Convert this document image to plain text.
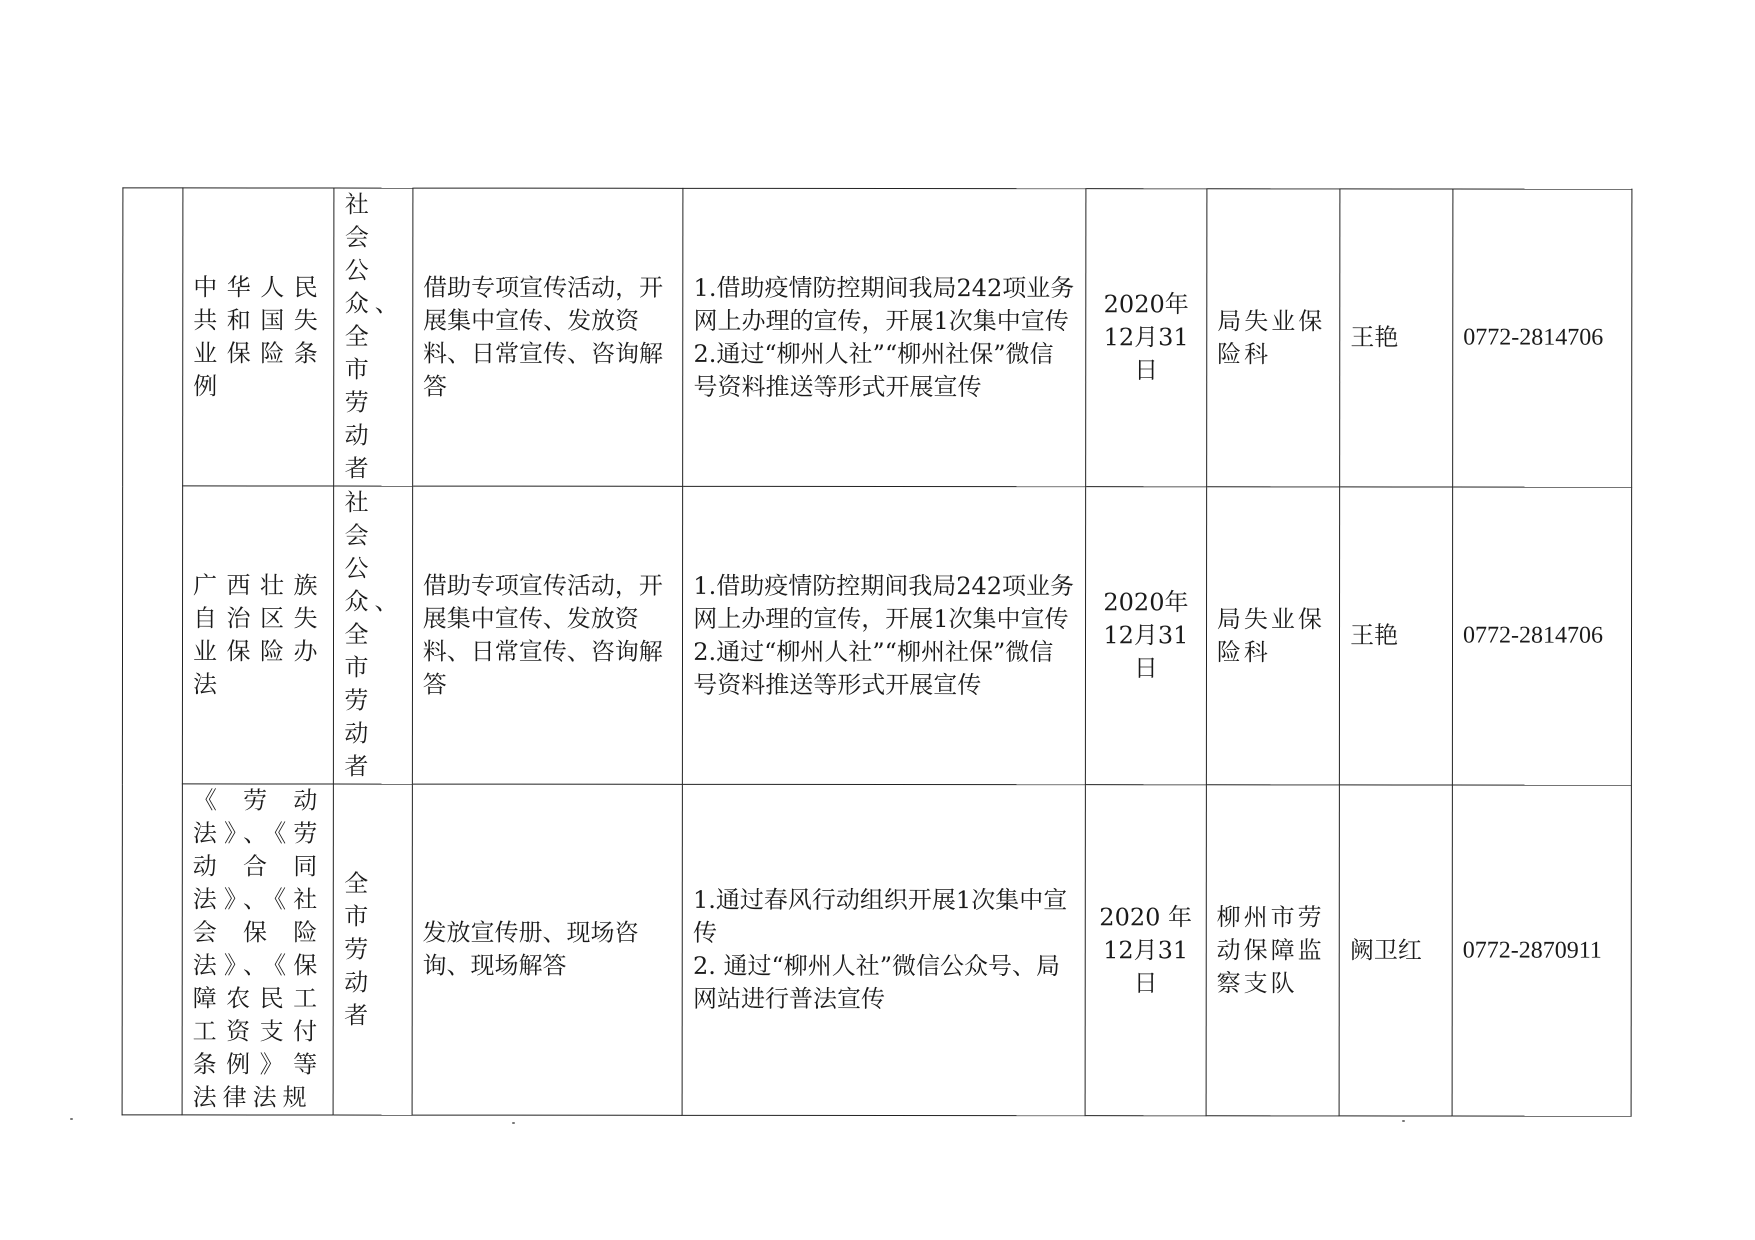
	中华人民共和国失业保险条例	社会公众、全市劳动者	借助专项宣传活动，开展集中宣传、发放资料、日常宣传、咨询解答	1.借助疫情防控期间我局242项业务网上办理的宣传，开展1次集中宣传
2.通过“柳州人社”“柳州社保”微信号资料推送等形式开展宣传	2020年
12月31
日	局失业保险科	王艳	0772-2814706

	广西壮族自治区失业保险办法	社会公众、全市劳动者	借助专项宣传活动，开展集中宣传、发放资料、日常宣传、咨询解答	1.借助疫情防控期间我局242项业务网上办理的宣传，开展1次集中宣传
2.通过“柳州人社”“柳州社保”微信号资料推送等形式开展宣传	2020年
12月31
日	局失业保险科	王艳	0772-2814706

	《劳动法》、《劳动合同法》、《社会保险法》、《保障农民工工资支付条例》等法律法规	全市劳动者	发放宣传册、现场咨询、现场解答	1.通过春风行动组织开展1次集中宣传
2. 通过“柳州人社”微信公众号、局网站进行普法宣传	2020 年
12月31
日	柳州市劳动保障监察支队	阙卫红	0772-2870911
